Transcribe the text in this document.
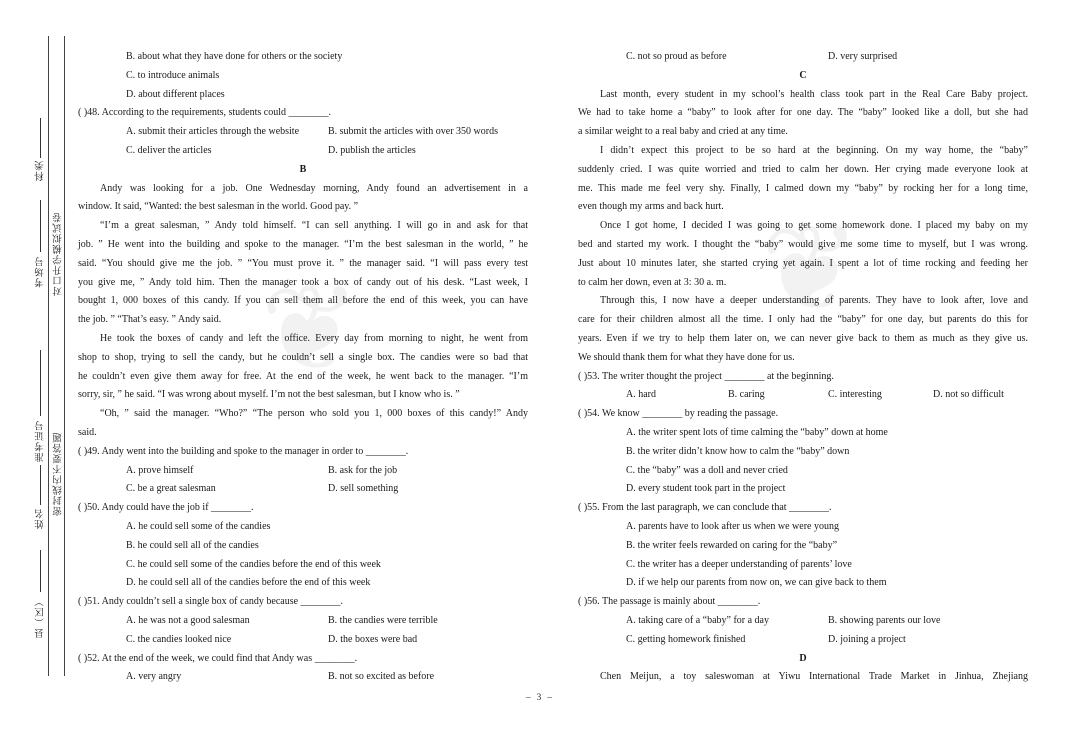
科类
考场号
准考证号
姓名
县（区）
对口升学模拟试卷
密封线内不要答题
❦	❦
B. about what they have done for others or the society
C. to introduce animals
D. about different places
( )48. According to the requirements, students could ________.
A. submit their articles through the website	B. submit the articles with over 350 words
C. deliver the articles	D. publish the articles
B
Andy was looking for a job. One Wednesday morning, Andy found an advertisement in a
window. It said, “Wanted: the best salesman in the world. Good pay. ”
“I’m a great salesman, ” Andy told himself. “I can sell anything. I will go in and ask for that
job. ” He went into the building and spoke to the manager. “I’m the best salesman in the world, ” he
said. “You should give me the job. ” “You must prove it. ” the manager said. “I will pass every test
you give me, ” Andy told him. Then the manager took a box of candy out of his desk. “Last week, I
bought 1, 000 boxes of this candy. If you can sell them all before the end of this week, you can have
the job. ” “That’s easy. ” Andy said.
He took the boxes of candy and left the office. Every day from morning to night, he went from
shop to shop, trying to sell the candy, but he couldn’t sell a single box. The candies were so bad that
he couldn’t even give them away for free. At the end of the week, he went back to the manager. “I’m
sorry, sir, ” he said. “I was wrong about myself. I’m not the best salesman, but I know who is. ”
“Oh, ” said the manager. “Who?” “The person who sold you 1, 000 boxes of this candy!” Andy
said.
( )49. Andy went into the building and spoke to the manager in order to ________.
A. prove himself	B. ask for the job
C. be a great salesman	D. sell something
( )50. Andy could have the job if ________.
A. he could sell some of the candies
B. he could sell all of the candies
C. he could sell some of the candies before the end of this week
D. he could sell all of the candies before the end of this week
( )51. Andy couldn’t sell a single box of candy because ________.
A. he was not a good salesman	B. the candies were terrible
C. the candies looked nice	D. the boxes were bad
( )52. At the end of the week, we could find that Andy was ________.
A. very angry	B. not so excited as before
C. not so proud as before	D. very surprised
C
Last month, every student in my school’s health class took part in the Real Care Baby project.
We had to take home a “baby” to look after for one day. The “baby” looked like a doll, but she had
a similar weight to a real baby and cried at any time.
I didn’t expect this project to be so hard at the beginning. On my way home, the “baby”
suddenly cried. I was quite worried and tried to calm her down. Her crying made everyone look at
me. This made me feel very shy. Finally, I calmed down my “baby” by rocking her for a long time,
even though my arms and back hurt.
Once I got home, I decided I was going to get some homework done. I placed my baby on my
bed and started my work. I thought the “baby” would give me some time to myself, but I was wrong.
Just about 10 minutes later, she started crying yet again. I spent a lot of time rocking and feeding her
to calm her down, even at 3: 30 a. m.
Through this, I now have a deeper understanding of parents. They have to look after, love and
care for their children almost all the time. I only had the “baby” for one day, but parents do this for
years. Even if we try to help them later on, we can never give back to them as much as they give us.
We should thank them for what they have done for us.
( )53. The writer thought the project ________ at the beginning.
A. hard	B. caring	C. interesting	D. not so difficult
( )54. We know ________ by reading the passage.
A. the writer spent lots of time calming the “baby” down at home
B. the writer didn’t know how to calm the “baby” down
C. the “baby” was a doll and never cried
D. every student took part in the project
( )55. From the last paragraph, we can conclude that ________.
A. parents have to look after us when we were young
B. the writer feels rewarded on caring for the “baby”
C. the writer has a deeper understanding of parents’ love
D. if we help our parents from now on, we can give back to them
( )56. The passage is mainly about ________.
A. taking care of a “baby” for a day	B. showing parents our love
C. getting homework finished	D. joining a project
D
Chen Meijun, a toy saleswoman at Yiwu International Trade Market in Jinhua, Zhejiang
– 3 –
